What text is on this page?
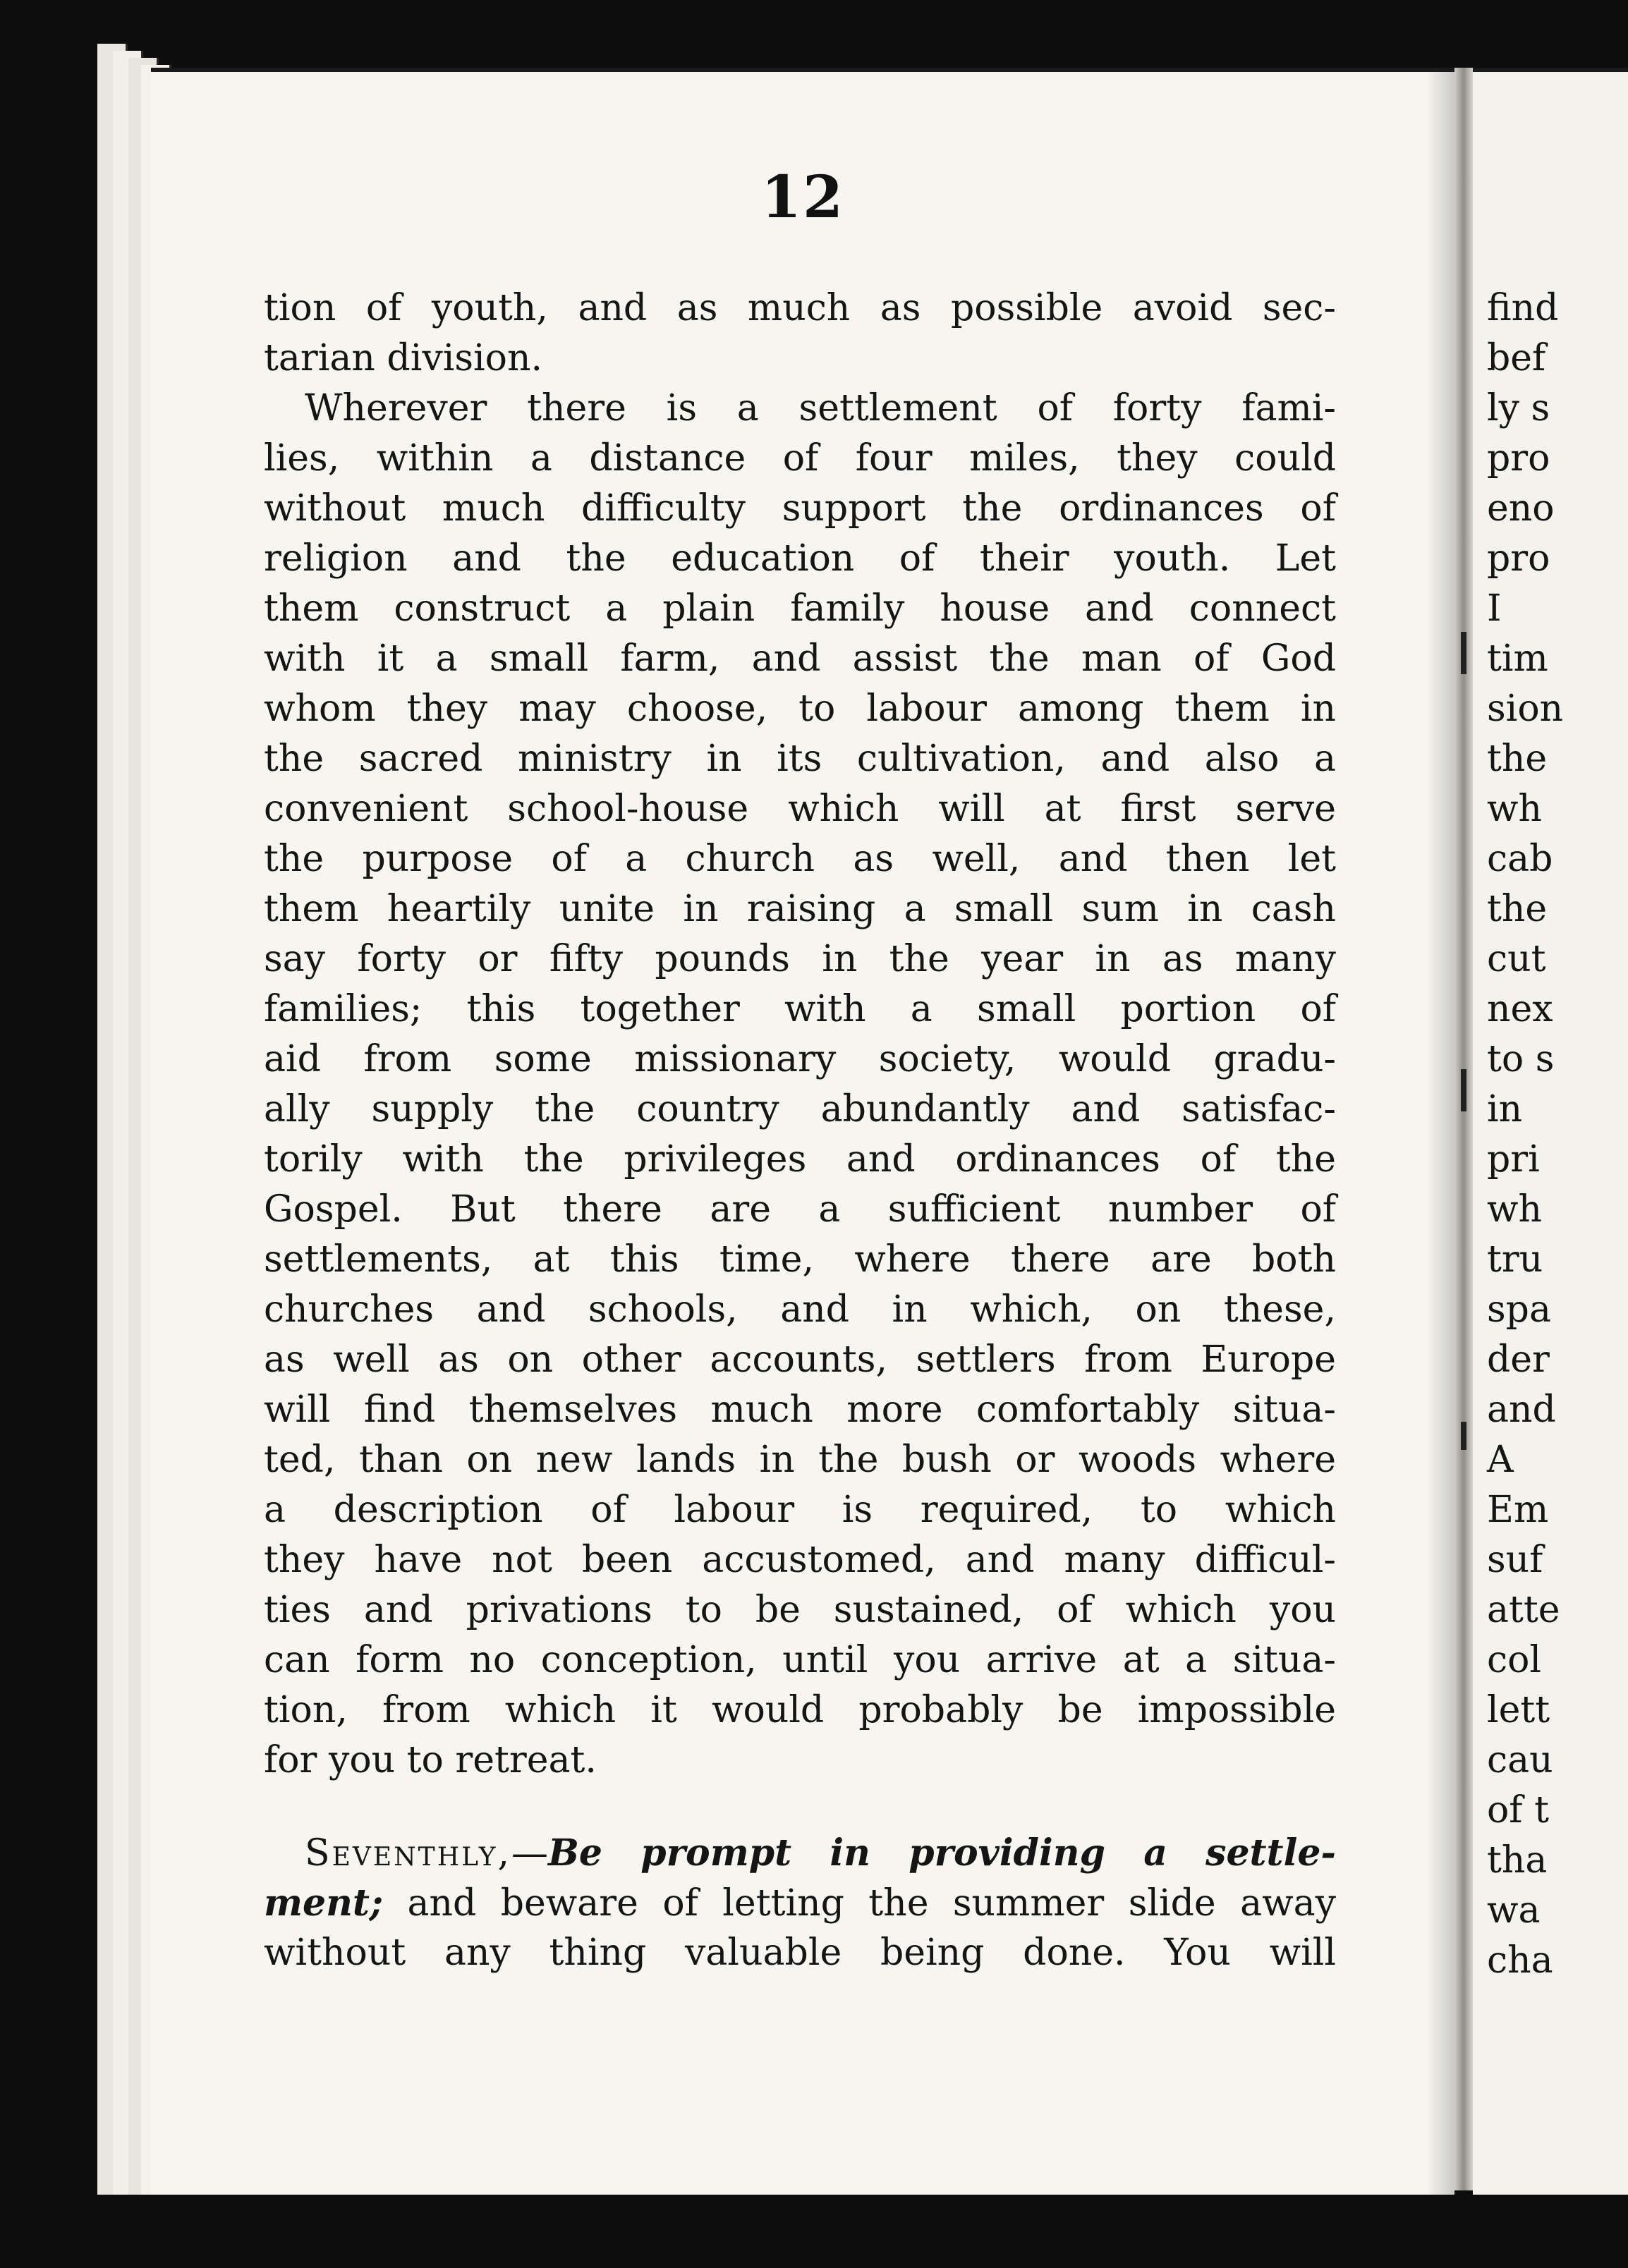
12
tion of youth, and as much as possible avoid sec-
tarian division.
Wherever there is a settlement of forty fami-
lies, within a distance of four miles, they could
without much difficulty support the ordinances of
religion and the education of their youth. Let
them construct a plain family house and connect
with it a small farm, and assist the man of God
whom they may choose, to labour among them in
the sacred ministry in its cultivation, and also a
convenient school-house which will at first serve
the purpose of a church as well, and then let
them heartily unite in raising a small sum in cash
say forty or fifty pounds in the year in as many
families; this together with a small portion of
aid from some missionary society, would gradu-
ally supply the country abundantly and satisfac-
torily with the privileges and ordinances of the
Gospel. But there are a sufficient number of
settlements, at this time, where there are both
churches and schools, and in which, on these,
as well as on other accounts, settlers from Europe
will find themselves much more comfortably situa-
ted, than on new lands in the bush or woods where
a description of labour is required, to which
they have not been accustomed, and many difficul-
ties and privations to be sustained, of which you
can form no conception, until you arrive at a situa-
tion, from which it would probably be impossible
for you to retreat.
Seventhly,—Be prompt in providing a settle-
ment; and beware of letting the summer slide away
without any thing valuable being done. You will
find
bef
ly s
pro
eno
pro
I
tim
sion
the
wh
cab
the
cut
nex
to s
in
pri
wh
tru
spa
der
and
A
Em
suf
atte
col
lett
cau
of t
tha
wa
cha
